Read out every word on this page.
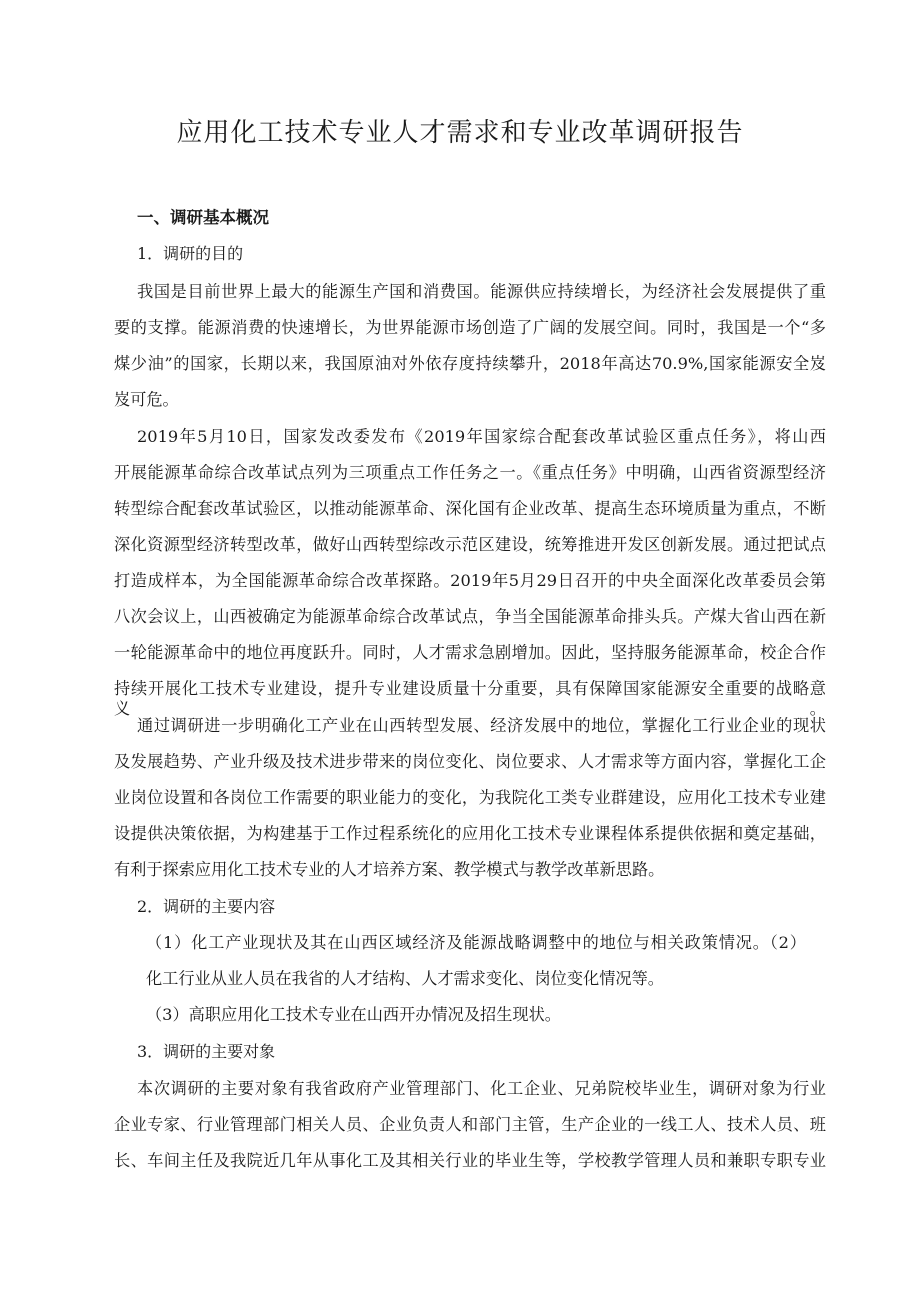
应用化工技术专业人才需求和专业改革调研报告
一、调研基本概况
1．调研的目的
我国是目前世界上最大的能源生产国和消费国。能源供应持续增长，为经济社会发展提供了重
要的支撑。能源消费的快速增长，为世界能源市场创造了广阔的发展空间。同时，我国是一个“多
煤少油”的国家，长期以来，我国原油对外依存度持续攀升，2018年高达70.9%,国家能源安全岌
岌可危。
2019年5月10日，国家发改委发布《2019年国家综合配套改革试验区重点任务》，将山西
开展能源革命综合改革试点列为三项重点工作任务之一。《重点任务》中明确，山西省资源型经济
转型综合配套改革试验区，以推动能源革命、深化国有企业改革、提高生态环境质量为重点，不断
深化资源型经济转型改革，做好山西转型综改示范区建设，统筹推进开发区创新发展。通过把试点
打造成样本，为全国能源革命综合改革探路。2019年5月29日召开的中央全面深化改革委员会第
八次会议上，山西被确定为能源革命综合改革试点，争当全国能源革命排头兵。产煤大省山西在新
一轮能源革命中的地位再度跃升。同时，人才需求急剧增加。因此，坚持服务能源革命，校企合作
持续开展化工技术专业建设，提升专业建设质量十分重要，具有保障国家能源安全重要的战略意义。
通过调研进一步明确化工产业在山西转型发展、经济发展中的地位，掌握化工行业企业的现状
及发展趋势、产业升级及技术进步带来的岗位变化、岗位要求、人才需求等方面内容，掌握化工企
业岗位设置和各岗位工作需要的职业能力的变化，为我院化工类专业群建设，应用化工技术专业建
设提供决策依据，为构建基于工作过程系统化的应用化工技术专业课程体系提供依据和奠定基础，
有利于探索应用化工技术专业的人才培养方案、教学模式与教学改革新思路。
2．调研的主要内容
（1）化工产业现状及其在山西区域经济及能源战略调整中的地位与相关政策情况。（2）
化工行业从业人员在我省的人才结构、人才需求变化、岗位变化情况等。
（3）高职应用化工技术专业在山西开办情况及招生现状。
3．调研的主要对象
本次调研的主要对象有我省政府产业管理部门、化工企业、兄弟院校毕业生，调研对象为行业
企业专家、行业管理部门相关人员、企业负责人和部门主管，生产企业的一线工人、技术人员、班
长、车间主任及我院近几年从事化工及其相关行业的毕业生等，学校教学管理人员和兼职专职专业
